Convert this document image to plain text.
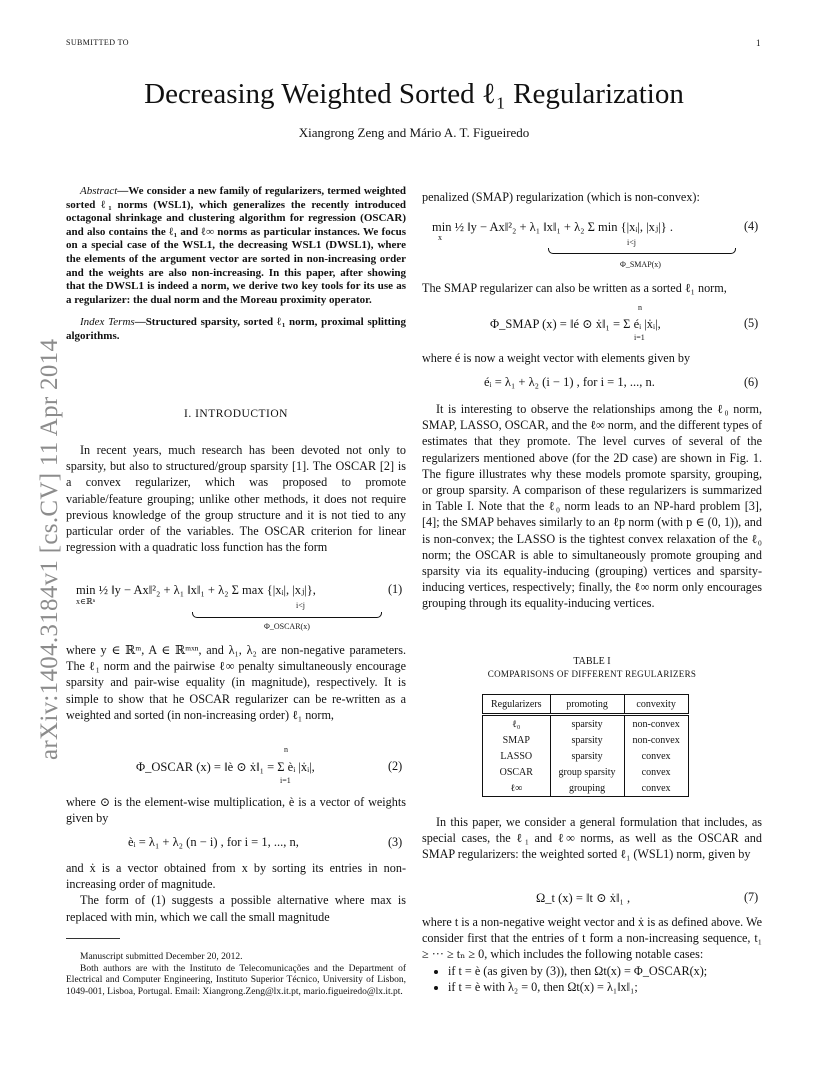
SUBMITTED TO	1
arXiv:1404.3184v1 [cs.CV] 11 Apr 2014
Decreasing Weighted Sorted ℓ₁ Regularization
Xiangrong Zeng and Mário A. T. Figueiredo

Abstract—We consider a new family of regularizers, termed weighted sorted ℓ₁ norms (WSL1), which generalizes the recently introduced octagonal shrinkage and clustering algorithm for regression (OSCAR) and also contains the ℓ₁ and ℓ∞ norms as particular instances. We focus on a special case of the WSL1, the decreasing WSL1 (DWSL1), where the elements of the argument vector are sorted in non-increasing order and the weights are also non-increasing. In this paper, after showing that the DWSL1 is indeed a norm, we derive two key tools for its use as a regularizer: the dual norm and the Moreau proximity operator.

Index Terms—Structured sparsity, sorted ℓ₁ norm, proximal splitting algorithms.

I. INTRODUCTION

In recent years, much research has been devoted not only to sparsity, but also to structured/group sparsity [1]. The OSCAR [2] is a convex regularizer, which was proposed to promote variable/feature grouping; unlike other methods, it does not require previous knowledge of the group structure and it is not tied to any particular order of the variables. The OSCAR criterion for linear regression with a quadratic loss function has the form

min ½ ‖y − Ax‖²₂ + λ₁ ‖x‖₁ + λ₂ Σ max {|xᵢ|, |xⱼ|},
x∈ℝⁿ	i<j
Φ_OSCAR(x)
(1)

where y ∈ ℝᵐ, A ∈ ℝᵐˣⁿ, and λ₁, λ₂ are non-negative parameters. The ℓ₁ norm and the pairwise ℓ∞ penalty simultaneously encourage sparsity and pair-wise equality (in magnitude), respectively. It is simple to show that he OSCAR regularizer can be re-written as a weighted and sorted (in non-increasing order) ℓ₁ norm,

n
Φ_OSCAR (x) = ‖è ⊙ ẋ‖₁ = Σ èᵢ |ẋᵢ|,
i=1
(2)

where ⊙ is the element-wise multiplication, è is a vector of weights given by

èᵢ = λ₁ + λ₂ (n − i) , for i = 1, ..., n,	(3)

and ẋ is a vector obtained from x by sorting its entries in non-increasing order of magnitude.

The form of (1) suggests a possible alternative where max is replaced with min, which we call the small magnitude

Manuscript submitted December 20, 2012.

Both authors are with the Instituto de Telecomunicações and the Department of Electrical and Computer Engineering, Instituto Superior Técnico, University of Lisbon, 1049-001, Lisboa, Portugal. Email: Xiangrong.Zeng@lx.it.pt, mario.figueiredo@lx.it.pt.

penalized (SMAP) regularization (which is non-convex):

min ½ ‖y − Ax‖²₂ + λ₁ ‖x‖₁ + λ₂ Σ min {|xᵢ|, |xⱼ|} .
x
i<j
Φ_SMAP(x)
(4)

The SMAP regularizer can also be written as a sorted ℓ₁ norm,

n
Φ_SMAP (x) = ‖é ⊙ ẋ‖₁ = Σ éᵢ |ẋᵢ|,
i=1
(5)

where é is now a weight vector with elements given by

éᵢ = λ₁ + λ₂ (i − 1) , for i = 1, ..., n.	(6)

It is interesting to observe the relationships among the ℓ₀ norm, SMAP, LASSO, OSCAR, and the ℓ∞ norm, and the different types of estimates that they promote. The level curves of several of the regularizers mentioned above (for the 2D case) are shown in Fig. 1. The figure illustrates why these models promote sparsity, grouping, or group sparsity. A comparison of these regularizers is summarized in Table I. Note that the ℓ₀ norm leads to an NP-hard problem [3], [4]; the SMAP behaves similarly to an ℓp norm (with p ∈ (0, 1)), and is non-convex; the LASSO is the tightest convex relaxation of the ℓ₀ norm; the OSCAR is able to simultaneously promote grouping and sparsity via its equality-inducing (grouping) vertices and sparsity-inducing vertices, respectively; finally, the ℓ∞ norm only encourages grouping through its equality-inducing vertices.

TABLE I
COMPARISONS OF DIFFERENT REGULARIZERS
Regularizers	promoting	convexity
ℓ₀	sparsity	non-convex
SMAP	sparsity	non-convex
LASSO	sparsity	convex
OSCAR	group sparsity	convex
ℓ∞	grouping	convex

In this paper, we consider a general formulation that includes, as special cases, the ℓ₁ and ℓ∞ norms, as well as the OSCAR and SMAP regularizers: the weighted sorted ℓ₁ (WSL1) norm, given by

Ω_t (x) = ‖t ⊙ ẋ‖₁ ,	(7)

where t is a non-negative weight vector and ẋ is as defined above. We consider first that the entries of t form a non-increasing sequence, t₁ ≥ ··· ≥ tₙ ≥ 0, which includes the following notable cases:

• if t = è (as given by (3)), then Ωt(x) = Φ_OSCAR(x);
• if t = è with λ₂ = 0, then Ωt(x) = λ₁‖x‖₁;
